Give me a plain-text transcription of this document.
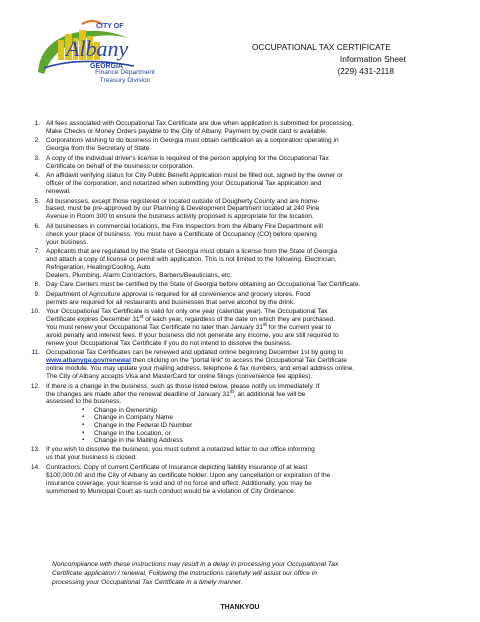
CITY OF
Albany
GEORGIA
Finance Department
Treasury Division
OCCUPATIONAL TAX CERTIFICATE
Information Sheet
(229) 431-2118
1. All fees associated with Occupational Tax Certificate are due when application is submitted for processing.
Make Checks or Money Orders payable to the City of Albany. Payment by credit card is available.
2. Corporations wishing to do business in Georgia must obtain certification as a corporation operating in
Georgia from the Secretary of State.
3. A copy of the individual driver's license is required of the person applying for the Occupational Tax
Certificate on behalf of the business or corporation.
4. An affidavit verifying status for City Public Benefit Application must be filled out, signed by the owner or
officer of the corporation, and notarized when submitting your Occupational Tax application and
renewal.
5. All businesses, except those registered or located outside of Dougherty County and are home-
based, must be pre-approved by our Planning & Development Department located at 240 Pine
Avenue in Room 300 to ensure the business activity proposed is appropriate for the location.
6. All businesses in commercial locations, the Fire Inspectors from the Albany Fire Department will
check your place of business. You must have a Certificate of Occupancy (CO) before opening
your business.
7. Applicants that are regulated by the State of Georgia must obtain a license from the State of Georgia
and attach a copy of license or permit with application. This is not limited to the following: Electrician,
Refrigeration, Heating/Cooling, Auto
Dealers, Plumbing, Alarm Contractors, Barbers/Beauticians, etc.
8. Day Care Centers must be certified by the State of Georgia before obtaining an Occupational Tax Certificate.
9. Department of Agriculture approval is required for all convenience and grocery stores. Food
permits are required for all restaurants and businesses that serve alcohol by the drink.
10. Your Occupational Tax Certificate is valid for only one year (calendar year). The Occupational Tax
Certificate expires December 31st of each year, regardless of the date on which they are purchased.
You must renew your Occupational Tax Certificate no later than January 31st for the current year to
avoid penalty and interest fees. If your business did not generate any income, you are still required to
renew your Occupational Tax Certificate if you do not intend to dissolve the business.
11. Occupational Tax Certificates can be renewed and updated online beginning December 1st by going to
www.albanyga.gov/renewal then clicking on the "portal link" to access the Occupational Tax Certificate
online module. You may update your mailing address, telephone & fax numbers, and email address online.
The City of Albany accepts Visa and MasterCard for online filings (convenience fee applies).
12. If there is a change in the business, such as those listed below, please notify us immediately. If
the changes are made after the renewal deadline of January 31st, an additional fee will be
assessed to the business.
▪ Change in Ownership
▪ Change in Company Name
▪ Change in the Federal ID Number
▪ Change in the Location, or
▪ Change in the Mailing Address
13. If you wish to dissolve the business, you must submit a notarized letter to our office informing
us that your business is closed.
14. Contractors: Copy of current Certificate of Insurance depicting liability insurance of at least
$100,000.00 and the City of Albany as certificate holder. Upon any cancellation or expiration of the
insurance coverage, your license is void and of no force and effect. Additionally, you may be
summoned to Municipal Court as such conduct would be a violation of City Ordinance.
Noncompliance with these instructions may result in a delay in processing your Occupational Tax
Certificate application / renewal. Following the instructions carefully will assist our office in
processing your Occupational Tax Certificate in a timely manner.
THANKYOU
